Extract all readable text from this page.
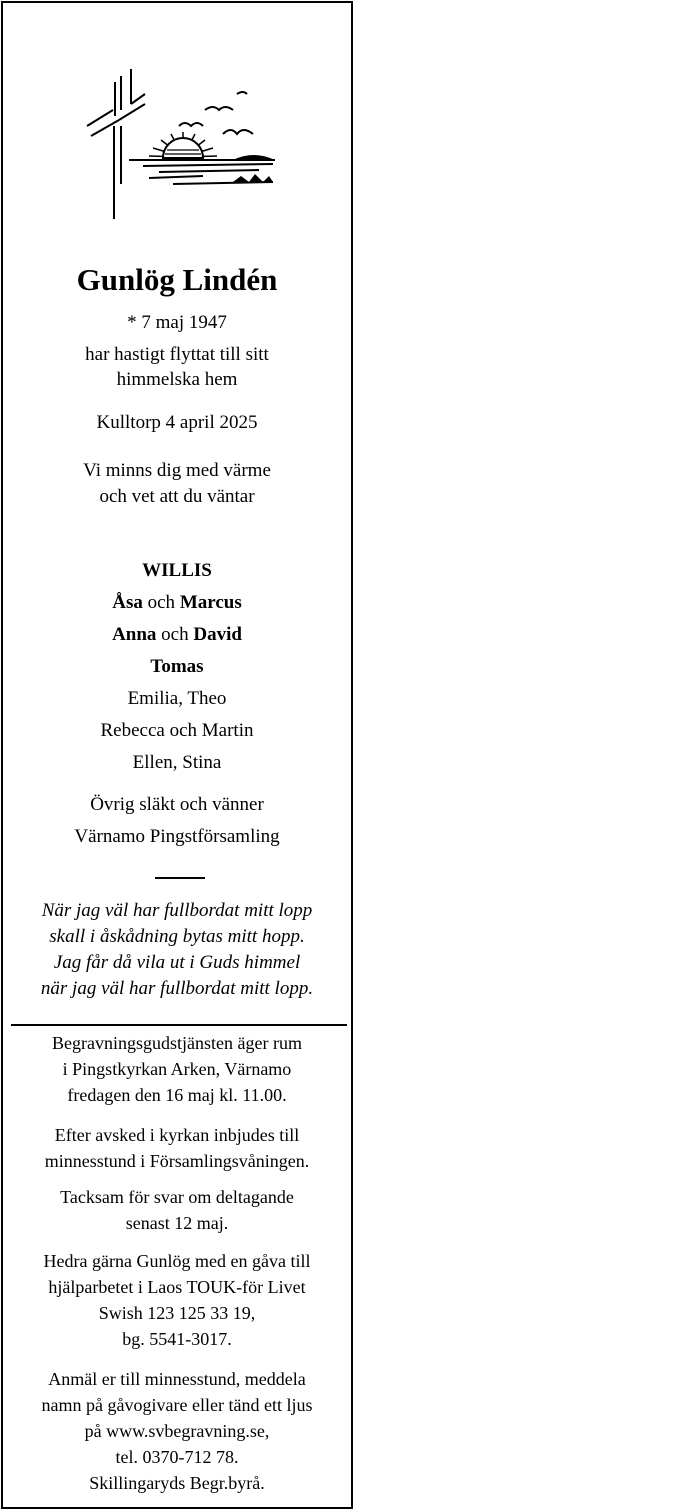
Gunlög Lindén
* 7 maj 1947
har hastigt flyttat till sitt
himmelska hem
Kulltorp 4 april 2025
Vi minns dig med värme
och vet att du väntar
WILLIS
Åsa och Marcus
Anna och David
Tomas
Emilia, Theo
Rebecca och Martin
Ellen, Stina
Övrig släkt och vänner
Värnamo Pingstförsamling
När jag väl har fullbordat mitt lopp
skall i åskådning bytas mitt hopp.
Jag får då vila ut i Guds himmel
när jag väl har fullbordat mitt lopp.
Begravningsgudstjänsten äger rum
i Pingstkyrkan Arken, Värnamo
fredagen den 16 maj kl. 11.00.
Efter avsked i kyrkan inbjudes till
minnesstund i Församlingsvåningen.
Tacksam för svar om deltagande
senast 12 maj.
Hedra gärna Gunlög med en gåva till
hjälparbetet i Laos TOUK-för Livet
Swish 123 125 33 19,
bg. 5541-3017.
Anmäl er till minnesstund, meddela
namn på gåvogivare eller tänd ett ljus
på www.svbegravning.se,
tel. 0370-712 78.
Skillingaryds Begr.byrå.
